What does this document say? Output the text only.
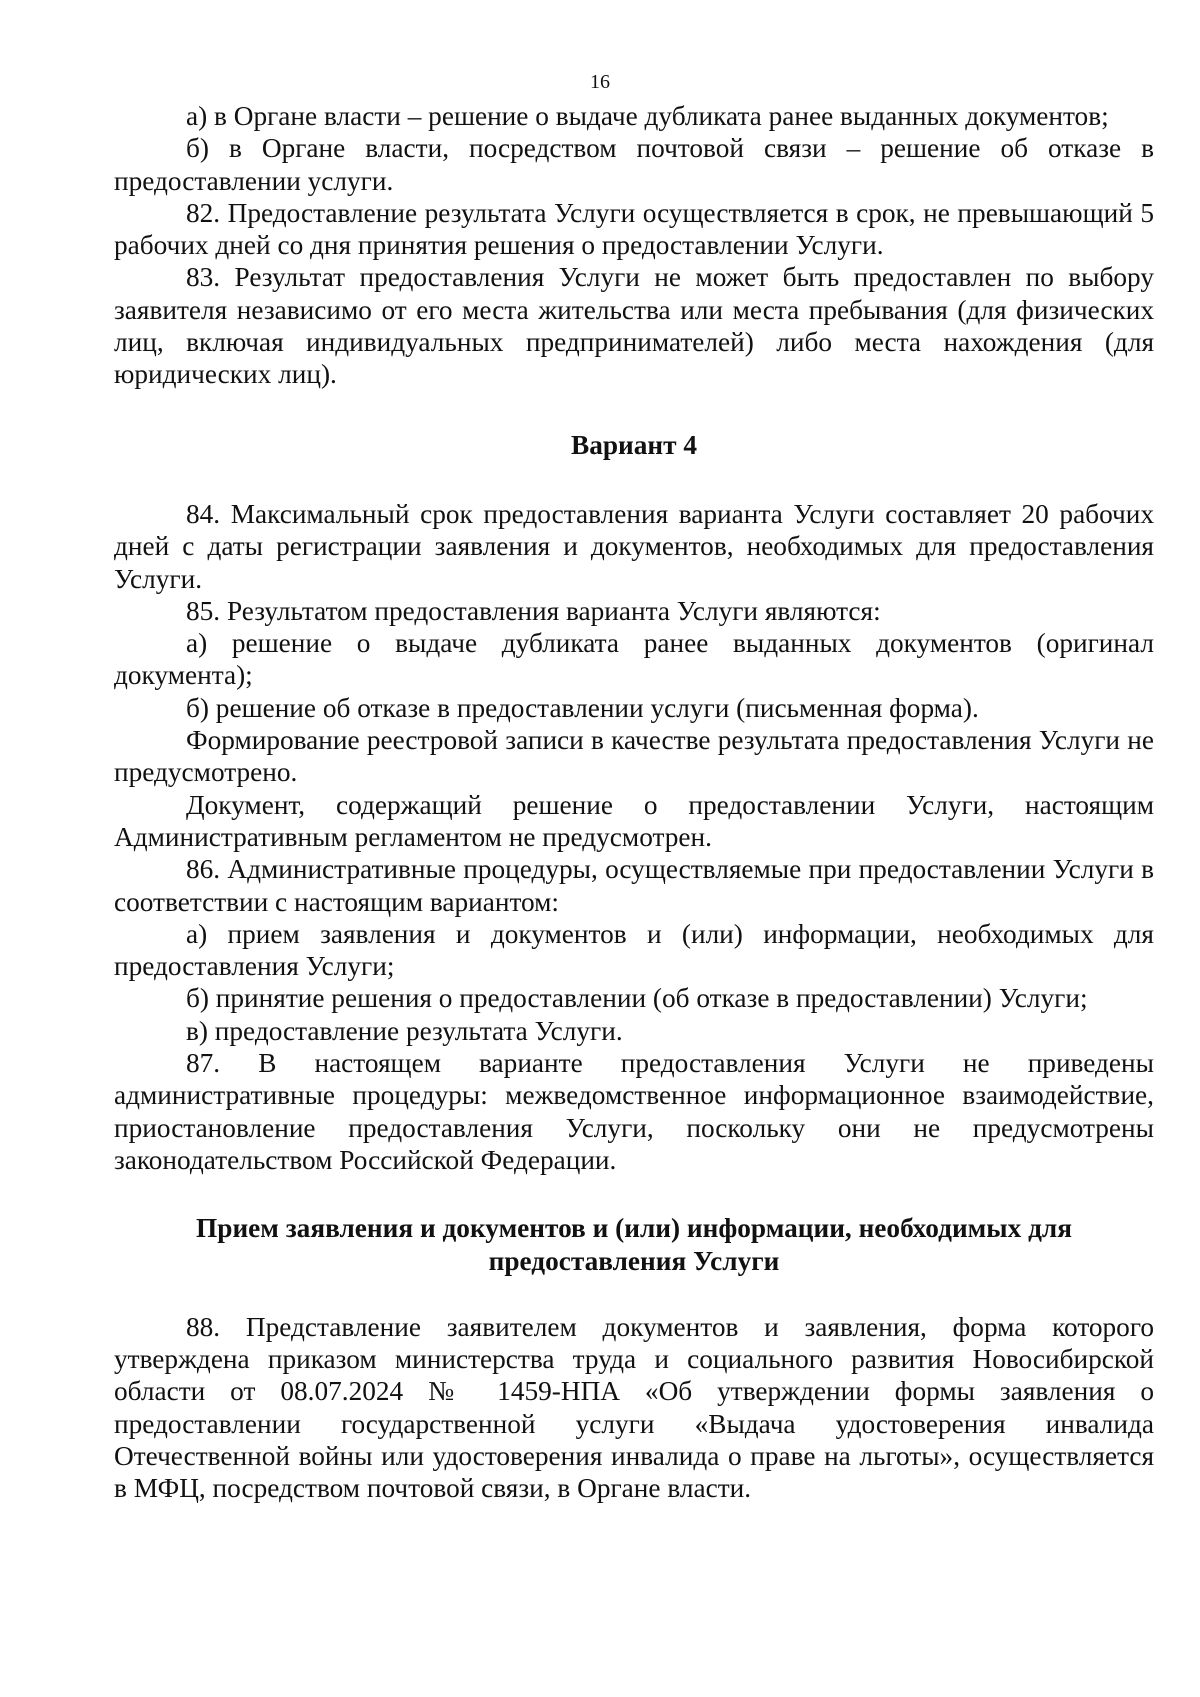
16

а) в Органе власти – решение о выдаче дубликата ранее выданных документов;

б) в Органе власти, посредством почтовой связи – решение об отказе в предоставлении услуги.

82. Предоставление результата Услуги осуществляется в срок, не превышающий 5 рабочих дней со дня принятия решения о предоставлении Услуги.

83. Результат предоставления Услуги не может быть предоставлен по выбору заявителя независимо от его места жительства или места пребывания (для физических лиц, включая индивидуальных предпринимателей) либо места нахождения (для юридических лиц).

Вариант 4

84. Максимальный срок предоставления варианта Услуги составляет 20 рабочих дней с даты регистрации заявления и документов, необходимых для предоставления Услуги.

85. Результатом предоставления варианта Услуги являются:

а) решение о выдаче дубликата ранее выданных документов (оригинал документа);

б) решение об отказе в предоставлении услуги (письменная форма).

Формирование реестровой записи в качестве результата предоставления Услуги не предусмотрено.

Документ, содержащий решение о предоставлении Услуги, настоящим Административным регламентом не предусмотрен.

86. Административные процедуры, осуществляемые при предоставлении Услуги в соответствии с настоящим вариантом:

а) прием заявления и документов и (или) информации, необходимых для предоставления Услуги;

б) принятие решения о предоставлении (об отказе в предоставлении) Услуги;

в) предоставление результата Услуги.

87. В настоящем варианте предоставления Услуги не приведены административные процедуры: межведомственное информационное взаимодействие, приостановление предоставления Услуги, поскольку они не предусмотрены законодательством Российской Федерации.

Прием заявления и документов и (или) информации, необходимых для

предоставления Услуги

88. Представление заявителем документов и заявления, форма которого утверждена приказом министерства труда и социального развития Новосибирской области от 08.07.2024 № 1459-НПА «Об утверждении формы заявления о предоставлении государственной услуги «Выдача удостоверения инвалида Отечественной войны или удостоверения инвалида о праве на льготы», осуществляется в МФЦ, посредством почтовой связи, в Органе власти.
